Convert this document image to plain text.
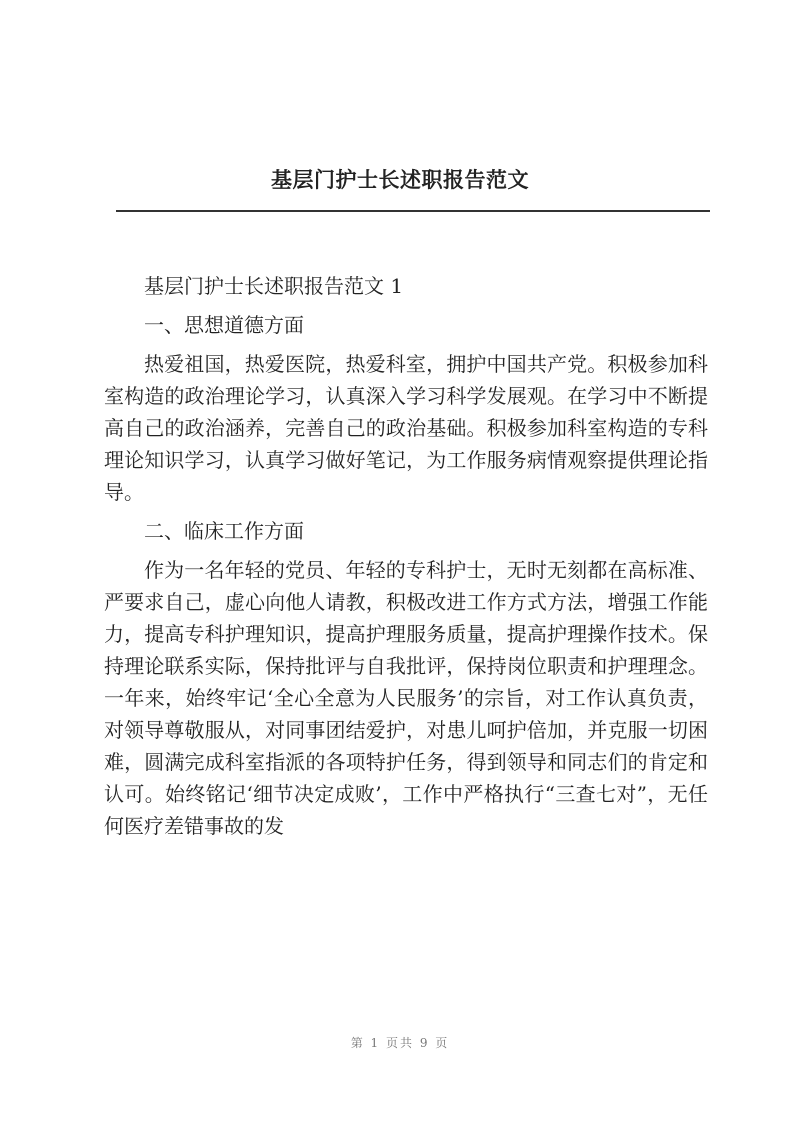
基层门护士长述职报告范文

基层门护士长述职报告范文 1

一、思想道德方面

热爱祖国，热爱医院，热爱科室，拥护中国共产党。积极参加科室构造的政治理论学习，认真深入学习科学发展观。在学习中不断提高自己的政治涵养，完善自己的政治基础。积极参加科室构造的专科理论知识学习，认真学习做好笔记，为工作服务病情观察提供理论指导。

二、临床工作方面

作为一名年轻的党员、年轻的专科护士，无时无刻都在高标准、严要求自己，虚心向他人请教，积极改进工作方式方法，增强工作能力，提高专科护理知识，提高护理服务质量，提高护理操作技术。保持理论联系实际，保持批评与自我批评，保持岗位职责和护理理念。一年来，始终牢记‘全心全意为人民服务’的宗旨，对工作认真负责，对领导尊敬服从，对同事团结爱护，对患儿呵护倍加，并克服一切困难，圆满完成科室指派的各项特护任务，得到领导和同志们的肯定和认可。始终铭记‘细节决定成败’，工作中严格执行“三查七对”，无任何医疗差错事故的发

第 1 页共 9 页
